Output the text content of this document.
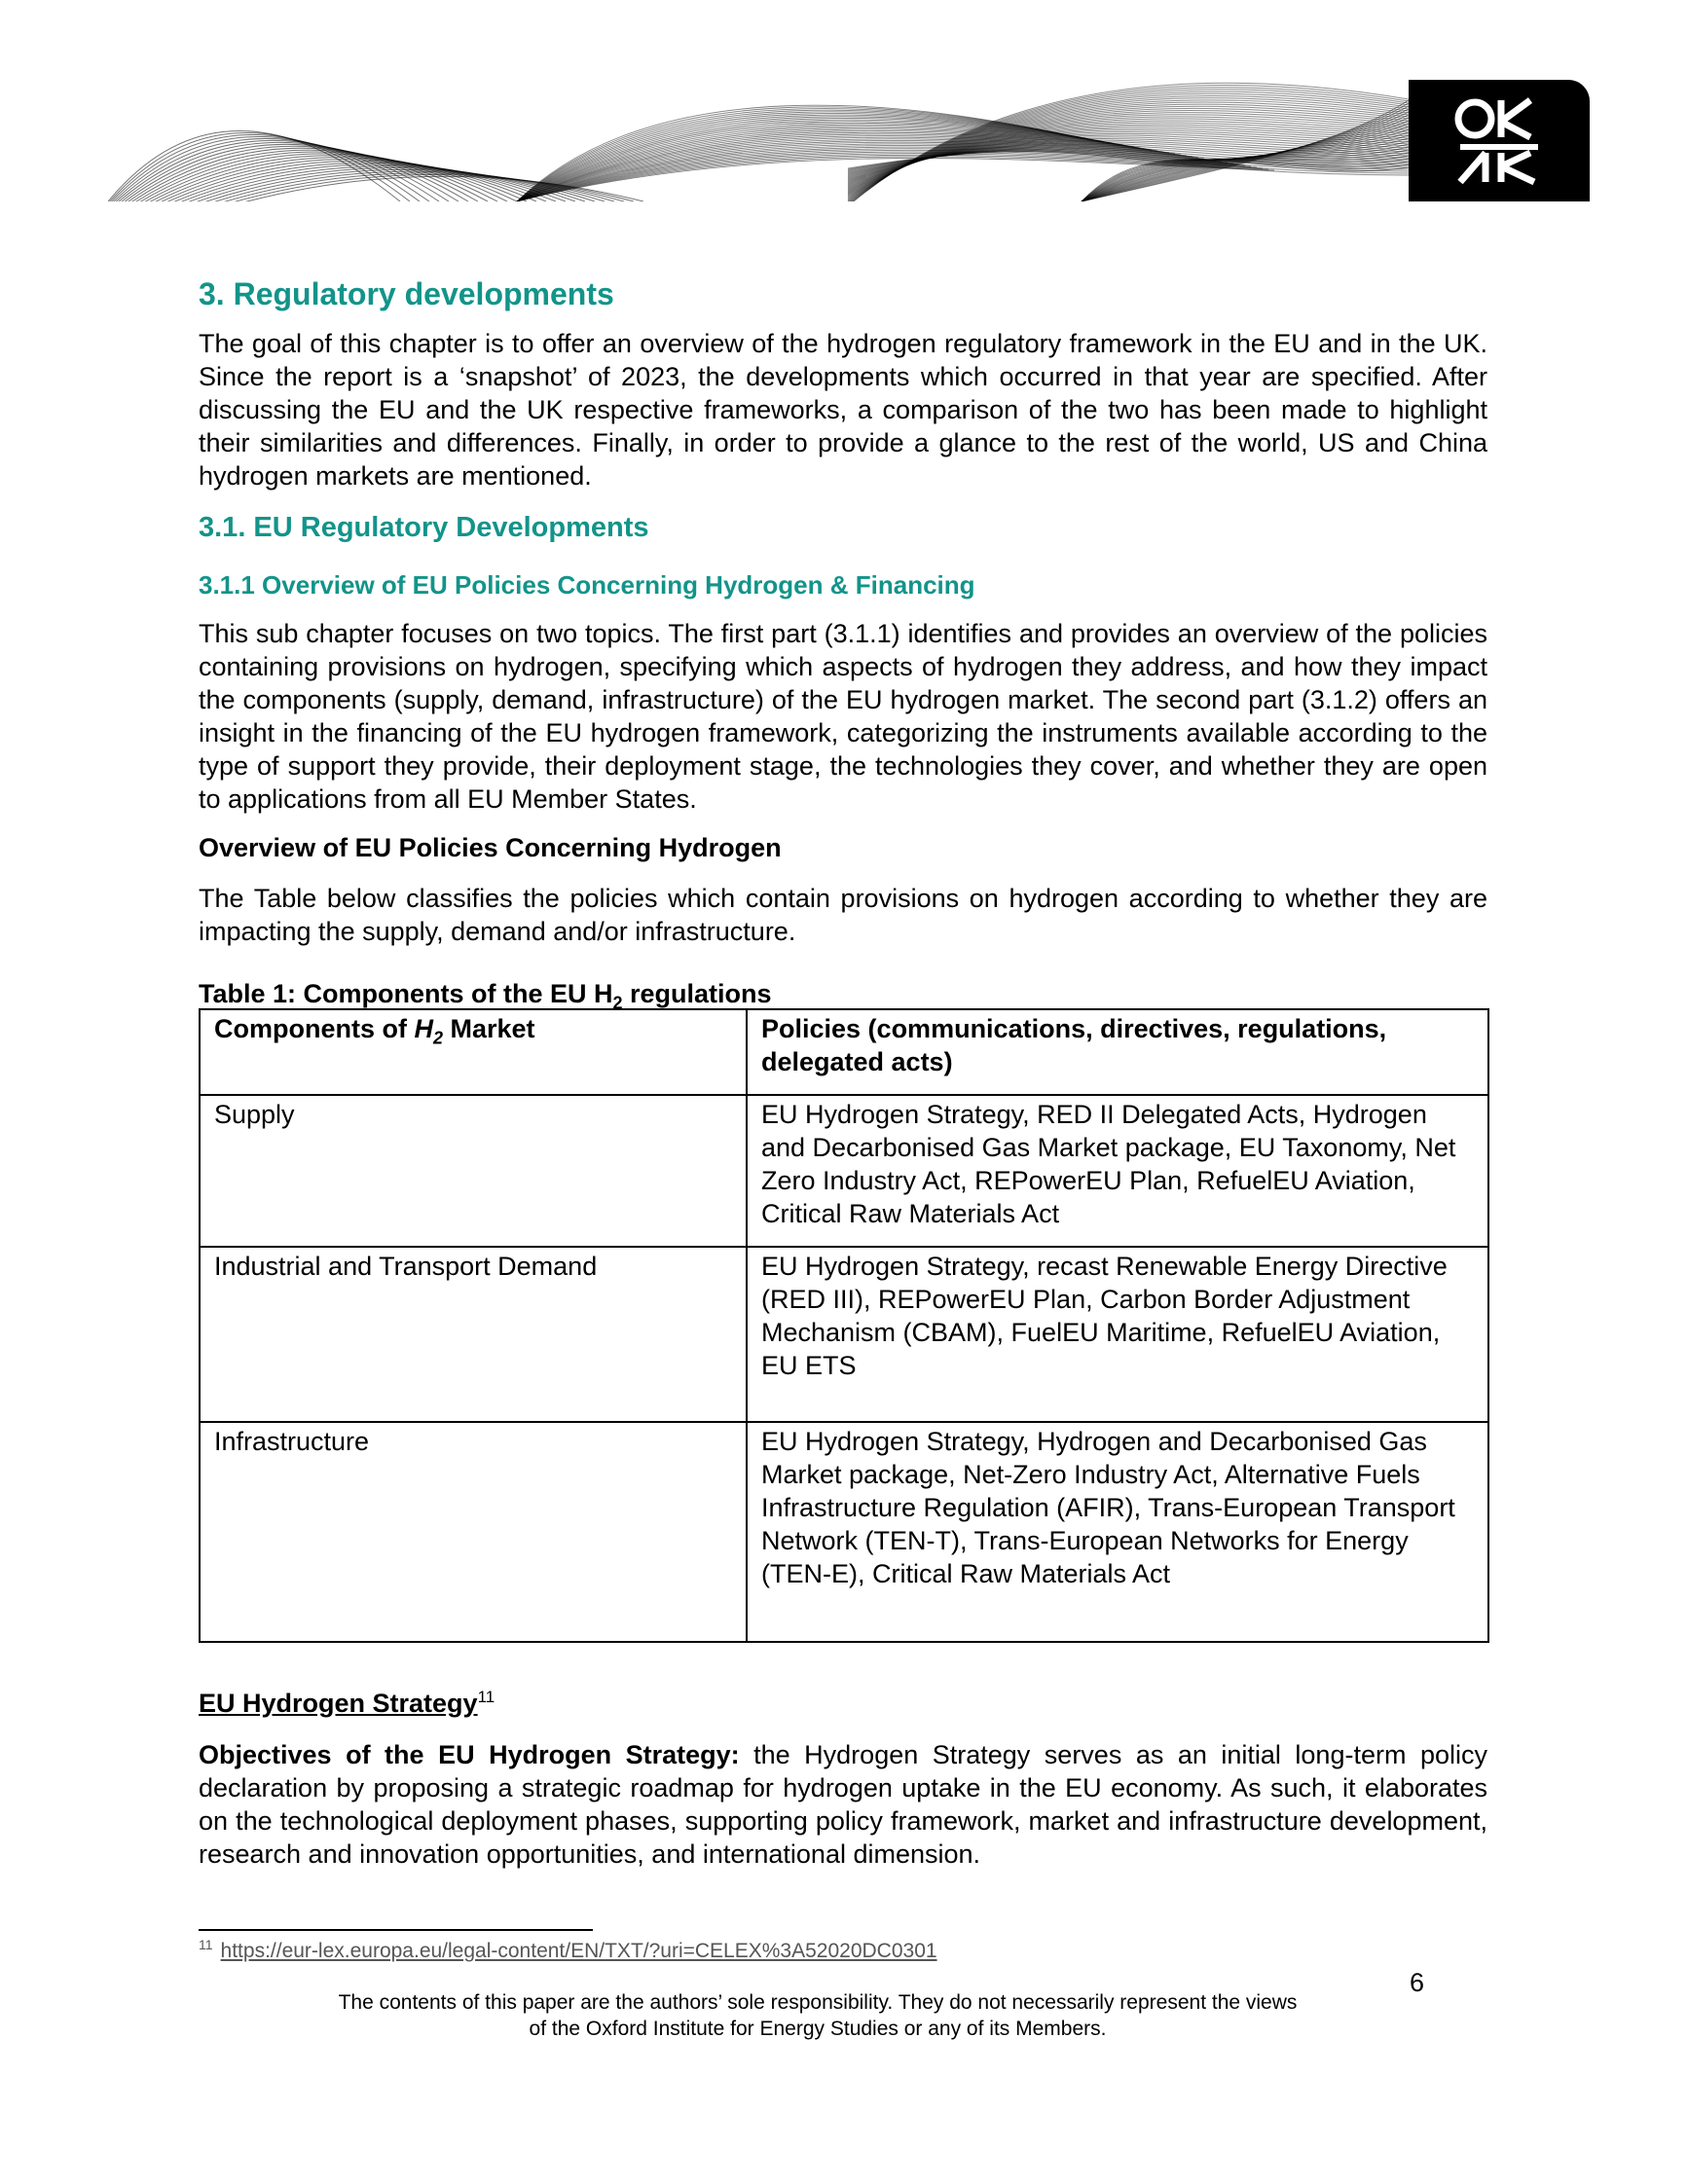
3. Regulatory developments

The goal of this chapter is to offer an overview of the hydrogen regulatory framework in the EU and in the UK. Since the report is a ‘snapshot’ of 2023, the developments which occurred in that year are specified. After discussing the EU and the UK respective frameworks, a comparison of the two has been made to highlight their similarities and differences. Finally, in order to provide a glance to the rest of the world, US and China hydrogen markets are mentioned.

3.1. EU Regulatory Developments
3.1.1 Overview of EU Policies Concerning Hydrogen & Financing

This sub chapter focuses on two topics. The first part (3.1.1) identifies and provides an overview of the policies containing provisions on hydrogen, specifying which aspects of hydrogen they address, and how they impact the components (supply, demand, infrastructure) of the EU hydrogen market. The second part (3.1.2) offers an insight in the financing of the EU hydrogen framework, categorizing the instruments available according to the type of support they provide, their deployment stage, the technologies they cover, and whether they are open to applications from all EU Member States.

Overview of EU Policies Concerning Hydrogen

The Table below classifies the policies which contain provisions on hydrogen according to whether they are impacting the supply, demand and/or infrastructure.

Table 1: Components of the EU $H_2$ regulations

Components of $H_2$ Market	Policies (communications, directives, regulations, delegated acts)
Supply	EU Hydrogen Strategy, RED II Delegated Acts, Hydrogen and Decarbonised Gas Market package, EU Taxonomy, Net Zero Industry Act, REPowerEU Plan, RefuelEU Aviation, Critical Raw Materials Act
Industrial and Transport Demand	EU Hydrogen Strategy, recast Renewable Energy Directive (RED III), REPowerEU Plan, Carbon Border Adjustment Mechanism (CBAM), FuelEU Maritime, RefuelEU Aviation, EU ETS
Infrastructure	EU Hydrogen Strategy, Hydrogen and Decarbonised Gas Market package, Net-Zero Industry Act, Alternative Fuels Infrastructure Regulation (AFIR), Trans-European Transport Network (TEN-T), Trans-European Networks for Energy (TEN-E), Critical Raw Materials Act

EU Hydrogen Strategy$^{11}$

Objectives of the EU Hydrogen Strategy: the Hydrogen Strategy serves as an initial long-term policy declaration by proposing a strategic roadmap for hydrogen uptake in the EU economy. As such, it elaborates on the technological deployment phases, supporting policy framework, market and infrastructure development, research and innovation opportunities, and international dimension.

$^{11}$ https://eur-lex.europa.eu/legal-content/EN/TXT/?uri=CELEX%3A52020DC0301

6

The contents of this paper are the authors’ sole responsibility. They do not necessarily represent the views
of the Oxford Institute for Energy Studies or any of its Members.
